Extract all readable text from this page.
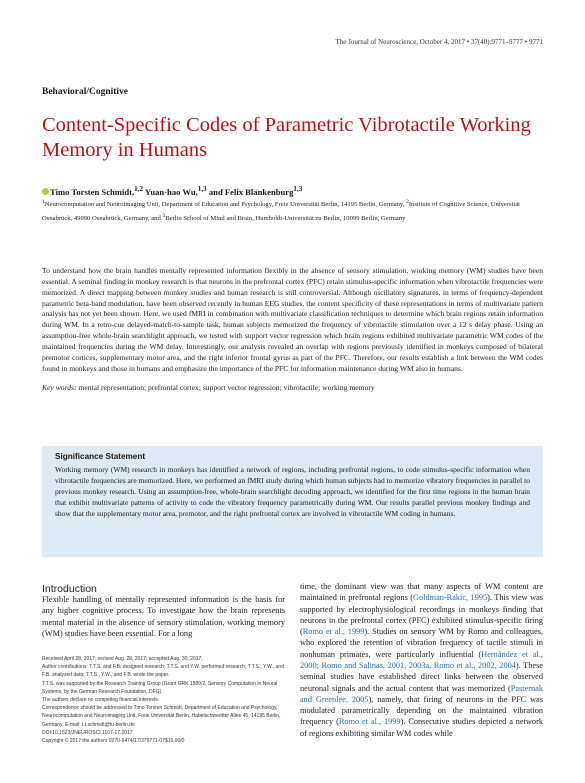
The Journal of Neuroscience, October 4, 2017 • 37(40):9771–9777 • 9771
Behavioral/Cognitive
Content-Specific Codes of Parametric Vibrotactile Working Memory in Humans
Timo Torsten Schmidt,$^{1,2}$ Yuan-hao Wu,$^{1,3}$ and Felix Blankenburg$^{1,3}$
$^1$Neurocomputation and Neuroimaging Unit, Department of Education and Psychology, Freie Universität Berlin, 14195 Berlin, Germany, $^2$Institute of Cognitive Science, Universität Osnabrück, 49090 Osnabrück, Germany, and $^3$Berlin School of Mind and Brain, Humboldt-Universität zu Berlin, 10099 Berlin, Germany

To understand how the brain handles mentally represented information flexibly in the absence of sensory stimulation, working memory (WM) studies have been essential. A seminal finding in monkey research is that neurons in the prefrontal cortex (PFC) retain stimulus-specific information when vibrotactile frequencies were memorized. A direct mapping between monkey studies and human research is still controversial. Although oscillatory signatures, in terms of frequency-dependent parametric beta-band modulation, have been observed recently in human EEG studies, the content specificity of these representations in terms of multivariate pattern analysis has not yet been shown. Here, we used fMRI in combination with multivariate classification techniques to determine which brain regions retain information during WM. In a retro-cue delayed-match-to-sample task, human subjects memorized the frequency of vibrotactile stimulation over a 12 s delay phase. Using an assumption-free whole-brain searchlight approach, we tested with support vector regression which brain regions exhibited multivariate parametric WM codes of the maintained frequencies during the WM delay. Interestingly, our analysis revealed an overlap with regions previously identified in monkeys composed of bilateral premotor cortices, supplementary motor area, and the right inferior frontal gyrus as part of the PFC. Therefore, our results establish a link between the WM codes found in monkeys and those in humans and emphasize the importance of the PFC for information maintenance during WM also in humans.

Key words: mental representation; prefrontal cortex; support vector regression; vibrotactile; working memory
Significance Statement

Working memory (WM) research in monkeys has identified a network of regions, including prefrontal regions, to code stimulus-specific information when vibrotactile frequencies are memorized. Here, we performed an fMRI study during which human subjects had to memorize vibratory frequencies in parallel to previous monkey research. Using an assumption-free, whole-brain searchlight decoding approach, we identified for the first time regions in the human brain that exhibit multivariate patterns of activity to code the vibratory frequency parametrically during WM. Our results parallel previous monkey findings and show that the supplementary motor area, premotor, and the right prefrontal cortex are involved in vibrotactile WM coding in humans.

Introduction

Flexible handling of mentally represented information is the basis for any higher cognitive process. To investigate how the brain represents mental material in the absence of sensory stimulation, working memory (WM) studies have been essential. For a long

Received April 28, 2017; revised Aug. 28, 2017; accepted Aug. 30, 2017.

Author contributions: T.T.S. and F.B. designed research; T.T.S. and Y.W. performed research; T.T.S., Y.W., and F.B. analyzed data; T.T.S., Y.W., and F.B. wrote the paper.

T.T.S. was supported by the Research Training Group (Grant GRK 1589/2, Sensory Computation in Neural Systems, by the German Research Foundation, DFG).

The authors declare no competing financial interests.

Correspondence should be addressed to Timo Torsten Schmidt, Department of Education and Psychology, Neurocomputation and Neuroimaging Unit, Freie Universität Berlin, Habelschwerdter Allee 45, 14195 Berlin, Germany. E-mail: t.t.schmidt@fu-berlin.de

DOI:10.1523/JNEUROSCI.1167-17.2017

Copyright © 2017 the authors 0270-6474/17/379771-07$15.00/0

time, the dominant view was that many aspects of WM content are maintained in prefrontal regions (Goldman-Rakic, 1995). This view was supported by electrophysiological recordings in monkeys finding that neurons in the prefrontal cortex (PFC) exhibited stimulus-specific firing (Romo et al., 1999). Studies on sensory WM by Romo and colleagues, who explored the retention of vibration frequency of tactile stimuli in nonhuman primates, were particularly influential (Hernández et al., 2000; Romo and Salinas, 2001, 2003a, Romo et al., 2002, 2004). These seminal studies have established direct links between the observed neuronal signals and the actual content that was memorized (Pasternak and Greenlee, 2005), namely, that firing of neurons in the PFC was modulated parametrically depending on the maintained vibration frequency (Romo et al., 1999). Consecutive studies depicted a network of regions exhibiting similar WM codes while
